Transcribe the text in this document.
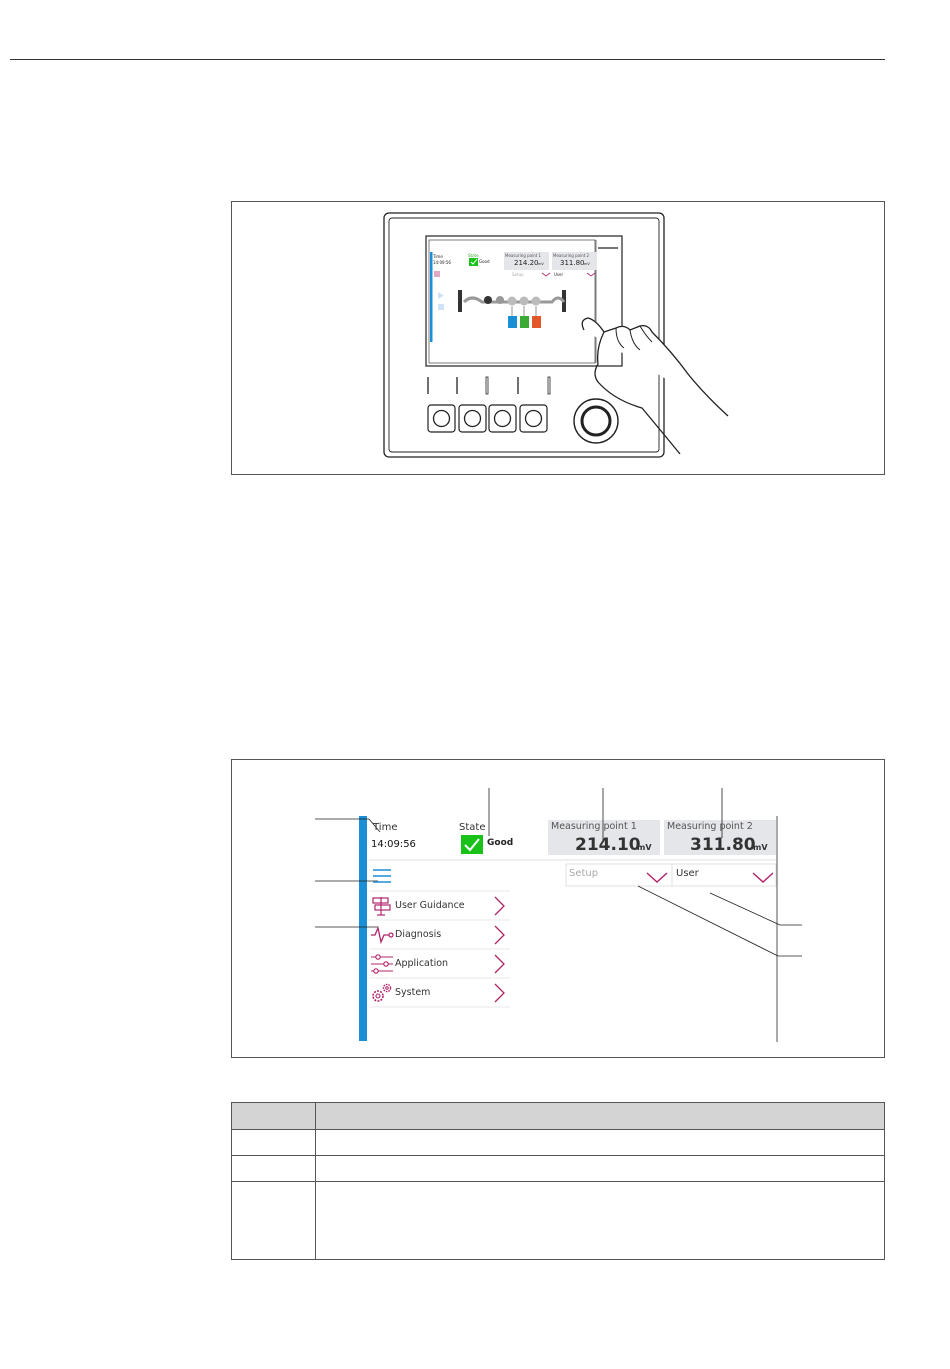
Time
14:09:56
State
Good
Measuring point 1
214.20 mV
Measuring point 2
311.80 mV
Setup	User
Time
14:09:56
State
Good
Measuring point 1
214.10
mV
Measuring point 2
311.80
mV
Setup	User
User Guidance
Diagnosis
Application
System
